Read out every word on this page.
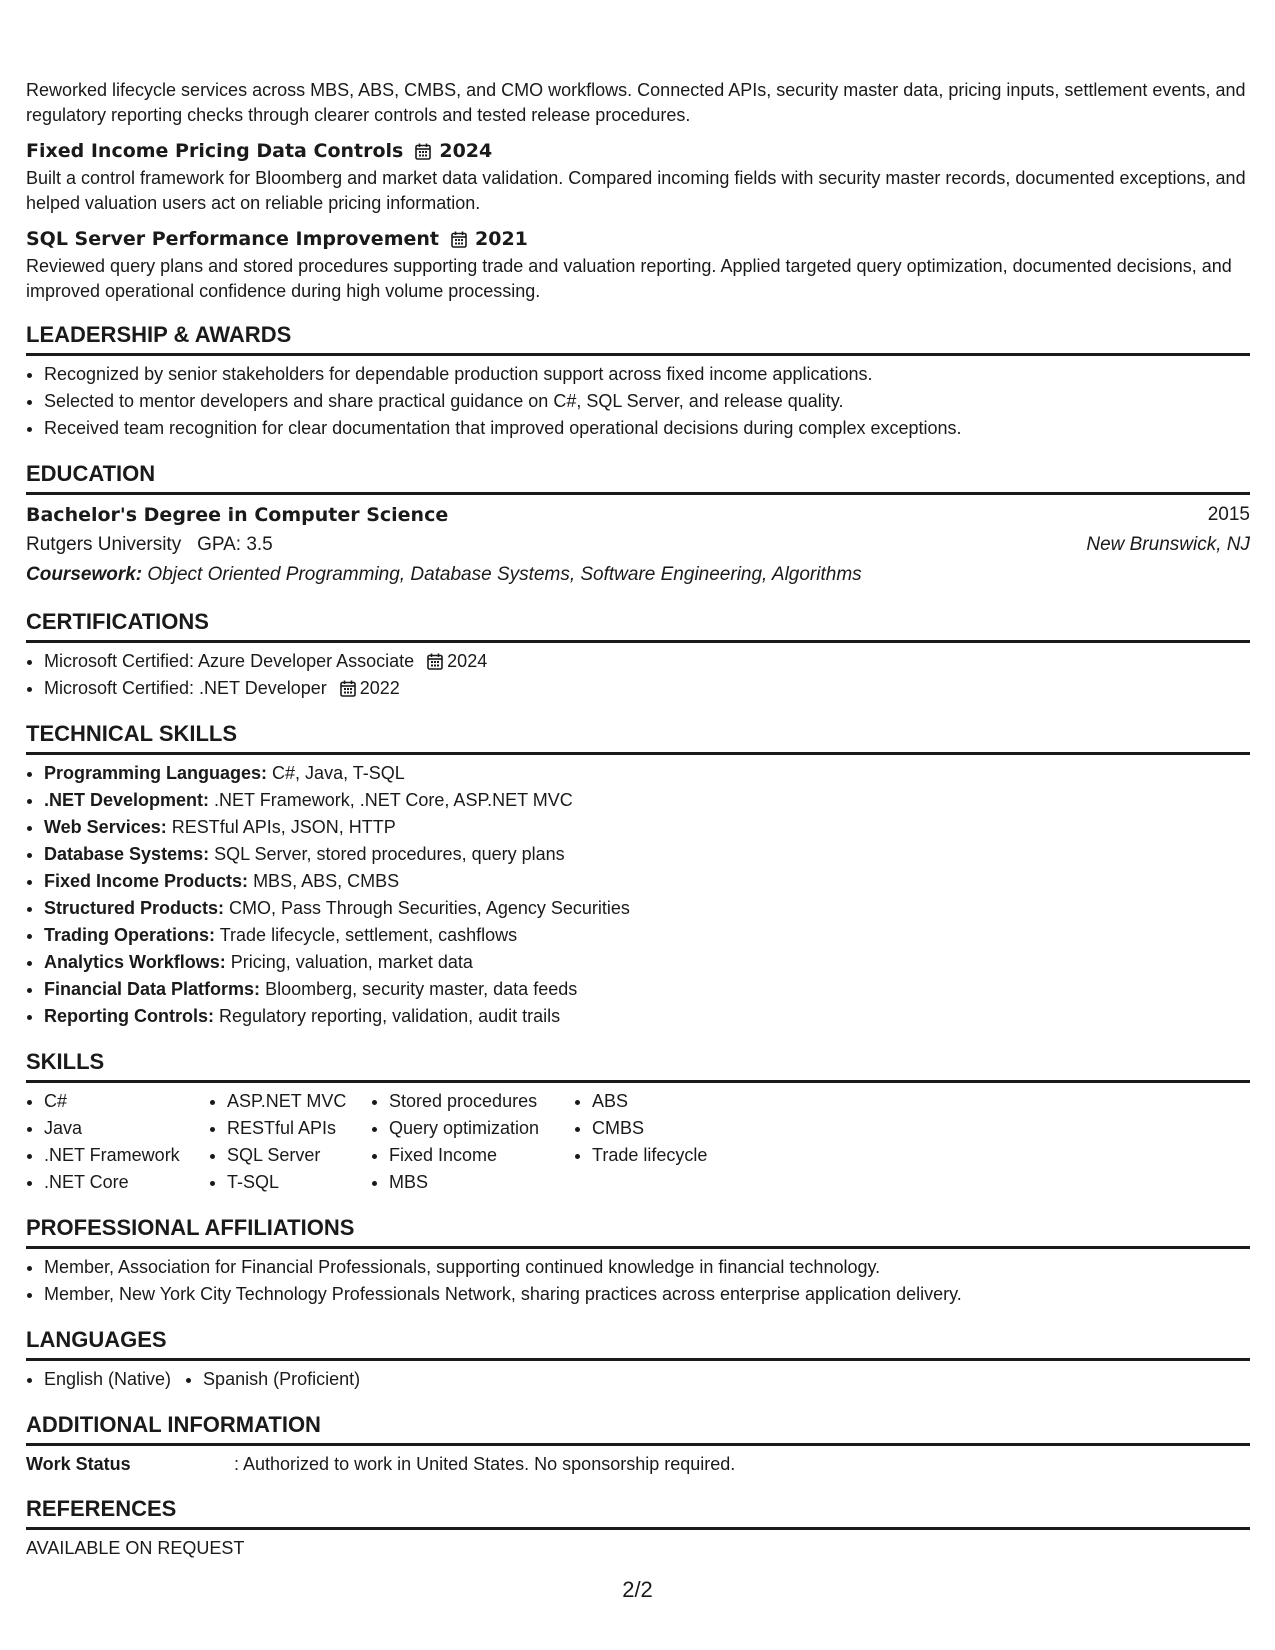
Reworked lifecycle services across MBS, ABS, CMBS, and CMO workflows. Connected APIs, security master data, pricing inputs, settlement events, and regulatory reporting checks through clearer controls and tested release procedures.

Fixed Income Pricing Data Controls 2024

Built a control framework for Bloomberg and market data validation. Compared incoming fields with security master records, documented exceptions, and helped valuation users act on reliable pricing information.

SQL Server Performance Improvement 2021

Reviewed query plans and stored procedures supporting trade and valuation reporting. Applied targeted query optimization, documented decisions, and improved operational confidence during high volume processing.

LEADERSHIP & AWARDS
• Recognized by senior stakeholders for dependable production support across fixed income applications.
• Selected to mentor developers and share practical guidance on C#, SQL Server, and release quality.
• Received team recognition for clear documentation that improved operational decisions during complex exceptions.
EDUCATION
Bachelor's Degree in Computer Science	2015
Rutgers University GPA: 3.5	New Brunswick, NJ
Coursework: Object Oriented Programming, Database Systems, Software Engineering, Algorithms
CERTIFICATIONS
• Microsoft Certified: Azure Developer Associate 2024
• Microsoft Certified: .NET Developer 2022
TECHNICAL SKILLS
• Programming Languages: C#, Java, T-SQL
• .NET Development: .NET Framework, .NET Core, ASP.NET MVC
• Web Services: RESTful APIs, JSON, HTTP
• Database Systems: SQL Server, stored procedures, query plans
• Fixed Income Products: MBS, ABS, CMBS
• Structured Products: CMO, Pass Through Securities, Agency Securities
• Trading Operations: Trade lifecycle, settlement, cashflows
• Analytics Workflows: Pricing, valuation, market data
• Financial Data Platforms: Bloomberg, security master, data feeds
• Reporting Controls: Regulatory reporting, validation, audit trails
SKILLS
• C#
• Java
• .NET Framework
• .NET Core
• ASP.NET MVC
• RESTful APIs
• SQL Server
• T-SQL
• Stored procedures
• Query optimization
• Fixed Income
• MBS
• ABS
• CMBS
• Trade lifecycle
PROFESSIONAL AFFILIATIONS
• Member, Association for Financial Professionals, supporting continued knowledge in financial technology.
• Member, New York City Technology Professionals Network, sharing practices across enterprise application delivery.
LANGUAGES
• English (Native)
• Spanish (Proficient)
ADDITIONAL INFORMATION
Work Status	: Authorized to work in United States. No sponsorship required.
REFERENCES
AVAILABLE ON REQUEST
2/2
